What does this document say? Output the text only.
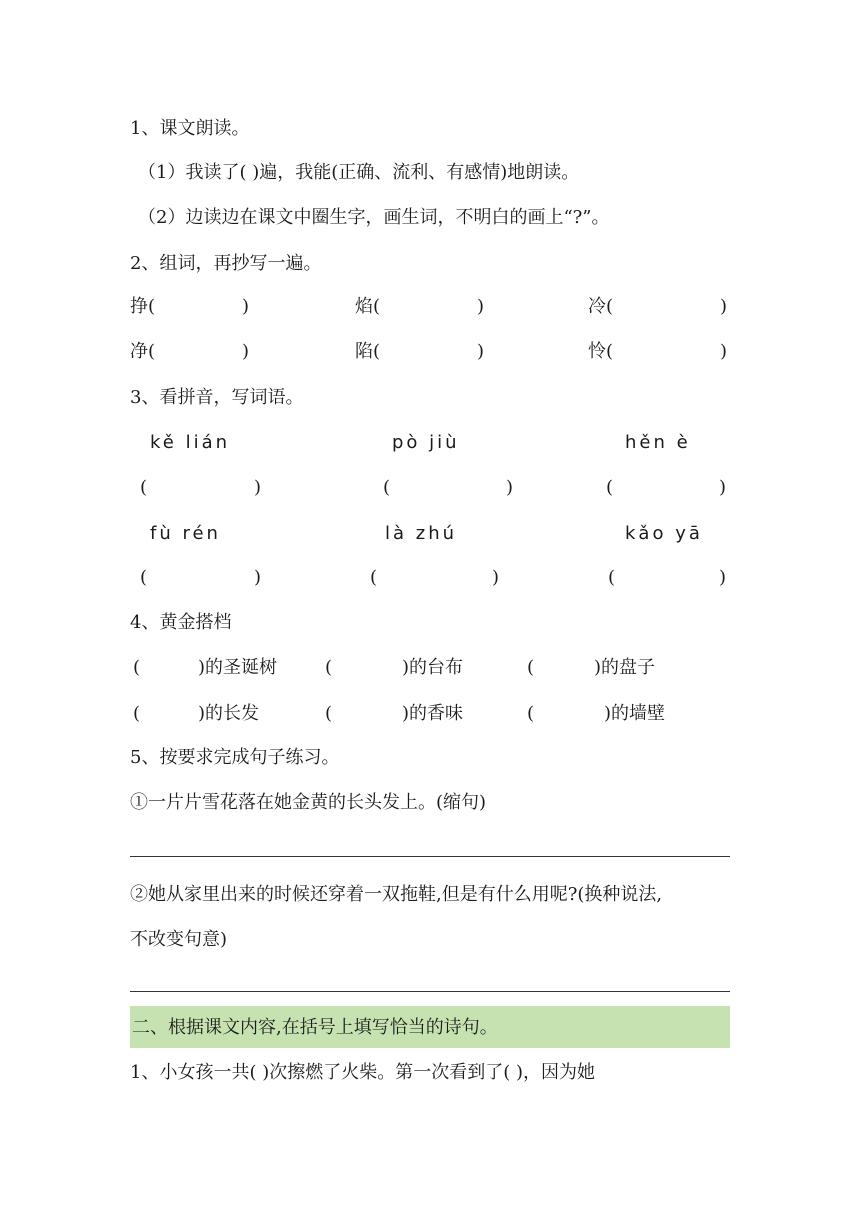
1、课文朗读。
（1）我读了( )遍，我能(正确、流利、有感情)地朗读。
（2）边读边在课文中圈生字，画生词，不明白的画上“?”。
2、组词，再抄写一遍。
挣(	)	焰(	)	冷(	)
净(	)	陷(	)	怜(	)
3、看拼音，写词语。
kě lián	pò jiù	hěn è
(	)	(	)	(	)
fù rén	là zhú	kǎo yā
(	)	(	)	(	)
4、黄金搭档
(	)的圣诞树	(	)的台布	(	)的盘子
(	)的长发	(	)的香味	(	)的墙壁
5、按要求完成句子练习。
①一片片雪花落在她金黄的长头发上。(缩句)
②她从家里出来的时候还穿着一双拖鞋,但是有什么用呢?(换种说法,
不改变句意)
二、根据课文内容,在括号上填写恰当的诗句。
1、小女孩一共( )次擦燃了火柴。第一次看到了( )，因为她
